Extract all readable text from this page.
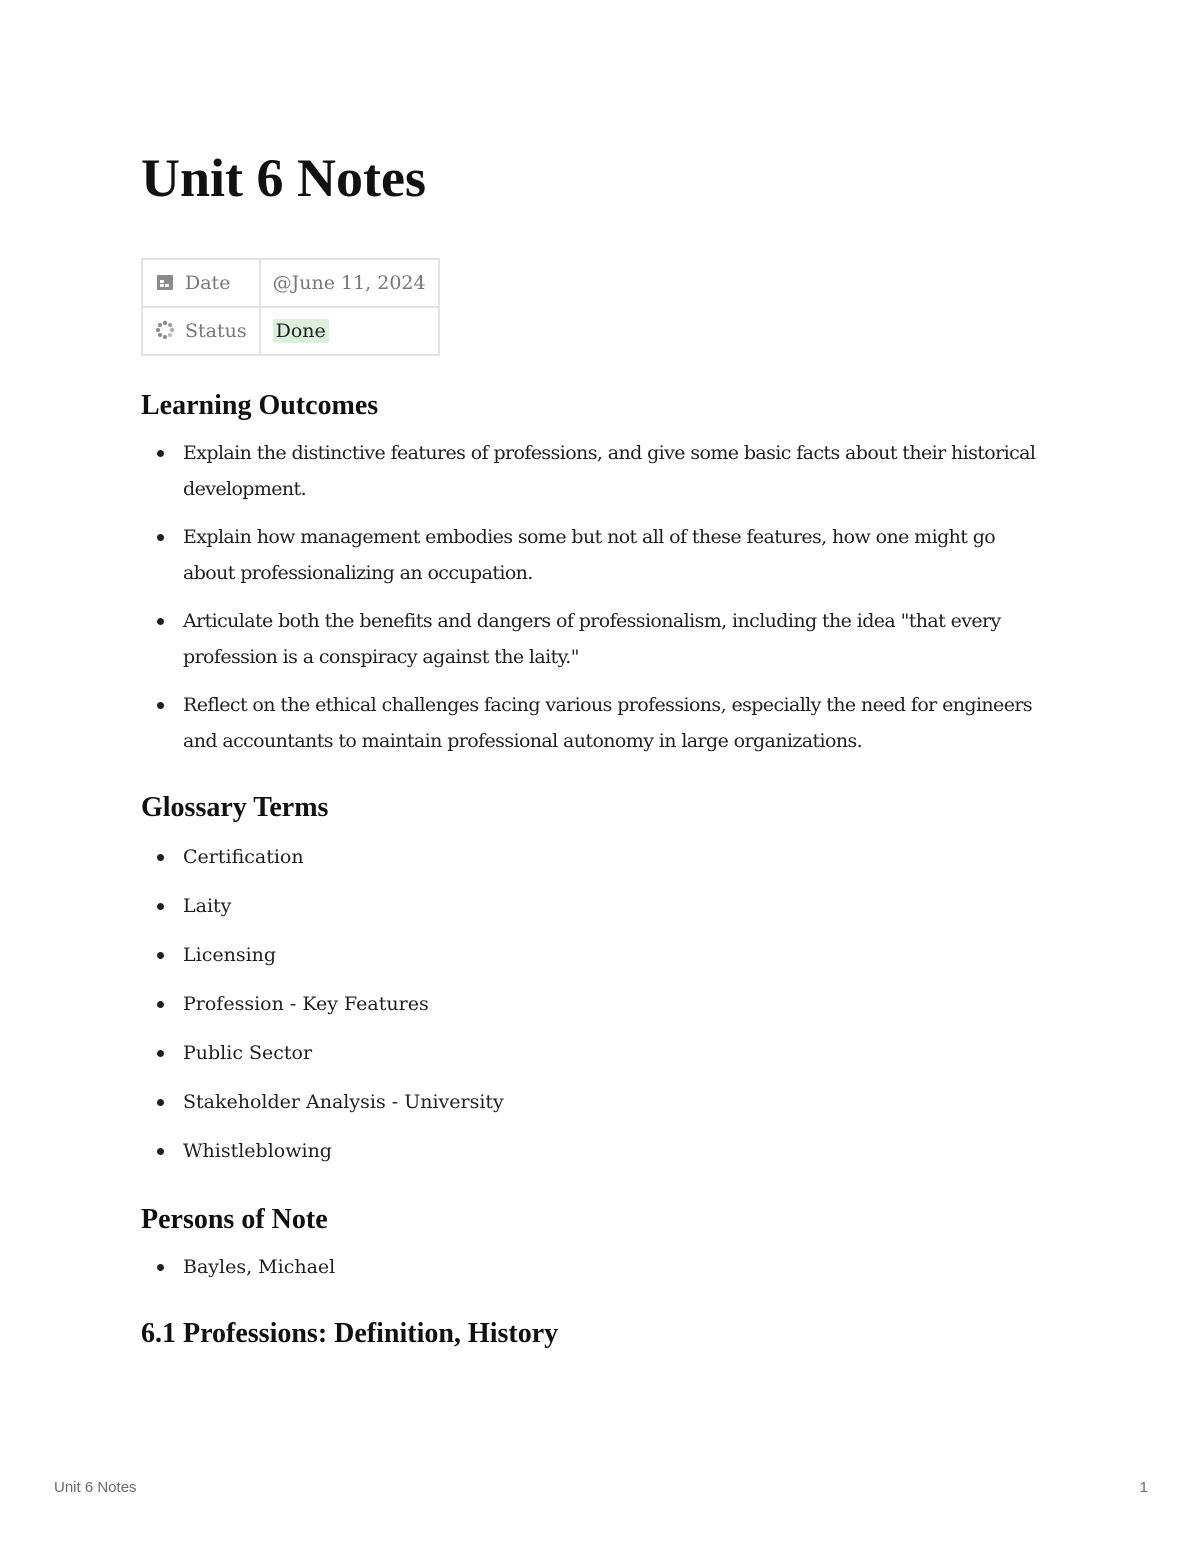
Unit 6 Notes
Date	@June 11, 2024
Status	Done
Learning Outcomes
Explain the distinctive features of professions, and give some basic facts about their historical development.
Explain how management embodies some but not all of these features, how one might go about professionalizing an occupation.
Articulate both the benefits and dangers of professionalism, including the idea "that every profession is a conspiracy against the laity."
Reflect on the ethical challenges facing various professions, especially the need for engineers and accountants to maintain professional autonomy in large organizations.
Glossary Terms
Certification
Laity
Licensing
Profession - Key Features
Public Sector
Stakeholder Analysis - University
Whistleblowing
Persons of Note
Bayles, Michael
6.1 Professions: Definition, History
Unit 6 Notes	1
